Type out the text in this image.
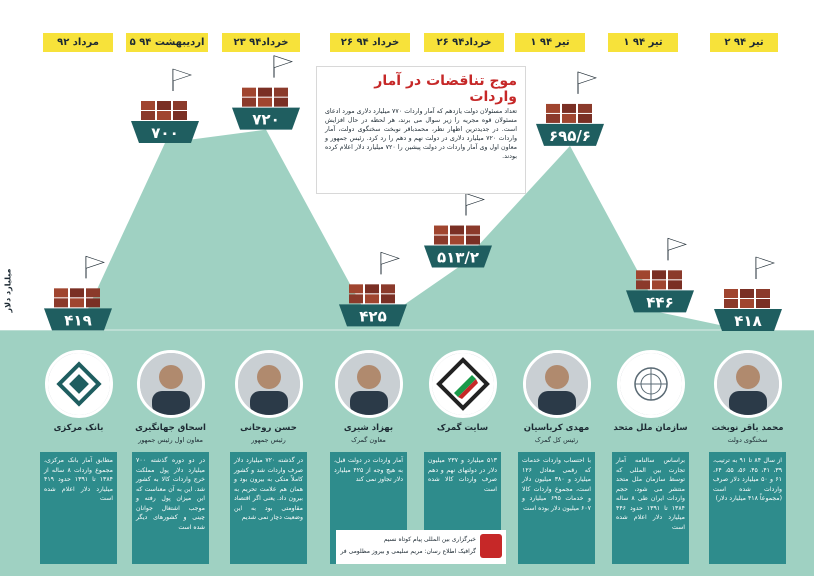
۴۱۹
۷۰۰
۷۲۰
۴۲۵
۵۱۳/۲
۶۹۵/۶
۴۴۶
۴۱۸
مرداد ۹۲	۵ اردیبهشت ۹۴	۲۳ خرداد۹۴	۲۶ خرداد ۹۴	۲۶ خرداد۹۴	۱ تیر ۹۴	۱ تیر ۹۴	۲ تیر ۹۴
موج تناقضات در آمار واردات

تعداد مسئولان دولت یازدهم که آمار واردات ۷۷۰ میلیارد دلاری مورد ادعای مسئولان قوه مجریه را زیر سوال می برند، هر لحظه در حال افزایش است. در جدیدترین اظهار نظر، محمدباقر نوبخت سخنگوی دولت، آمار واردات ۷۲۰ میلیارد دلاری در دولت نهم و دهم را رد کرد. رئیس جمهور و معاون اول وی آمار واردات در دولت پیشین را ۷۲۰ میلیارد دلار اعلام کرده بودند.

میلیارد دلار
بانک مرکزی
مطابق آمار بانک مرکزی، مجموع واردات ۸ ساله از ۱۳۸۴ تا ۱۳۹۱ حدود ۴۱۹ میلیارد دلار اعلام شده است
اسحاق جهانگیری
معاون اول رئیس جمهور
در دو دوره گذشته ۷۰۰ میلیارد دلار پول مملکت خرج واردات کالا به کشور شد. این به آن معناست که این میزان پول رفته و موجب اشتغال جوانان چینی و کشورهای دیگر شده است
حسن روحانی
رئیس جمهور
در گذشته ۷۲۰ میلیارد دلار صرف واردات شد و کشور کاملاً متکی به بیرون بود و همان هم علامت تحریم به بیرون داد. یعنی اگر اقتصاد مقاومتی بود به این وضعیت دچار نمی شدیم
بهزاد شیری
معاون گمرک
آمار واردات در دولت قبل، به هیچ وجه از ۴۲۵ میلیارد دلار تجاوز نمی کند
سایت گمرک
۵۱۳ میلیارد و ۲۳۷ میلیون دلار در دولتهای نهم و دهم صرف واردات کالا شده است
مهدی کرباسیان
رئیس کل گمرک
با احتساب واردات خدمات که رقمی معادل ۱۲۶ میلیارد و ۳۸۰ میلیون دلار است، مجموع واردات کالا و خدمات ۶۹۵ میلیارد و ۶۰۷ میلیون دلار بوده است
سازمان ملل متحد
براساس سالنامه آمار تجارت بین المللی که توسط سازمان ملل متحد منتشر می شود، حجم واردات ایران طی ۸ ساله ۱۳۸۴ تا ۱۳۹۱ حدود ۴۴۶ میلیارد دلار اعلام شده است
محمد باقر نوبخت
سخنگوی دولت
از سال ۸۴ تا ۹۱ به ترتیب، ۳۹، ۴۱، ۴۵، ۵۶، ۵۵، ۶۴، ۶۱ و ۵۰ میلیارد دلار صرف واردات شده است (مجموعاً ۴۱۸ میلیارد دلار)
خبرگزاری بین المللی پیام کوتاه نسیم
گرافیک اطلاع رسان: مریم سلیمی و بیروز مظلومی فر
